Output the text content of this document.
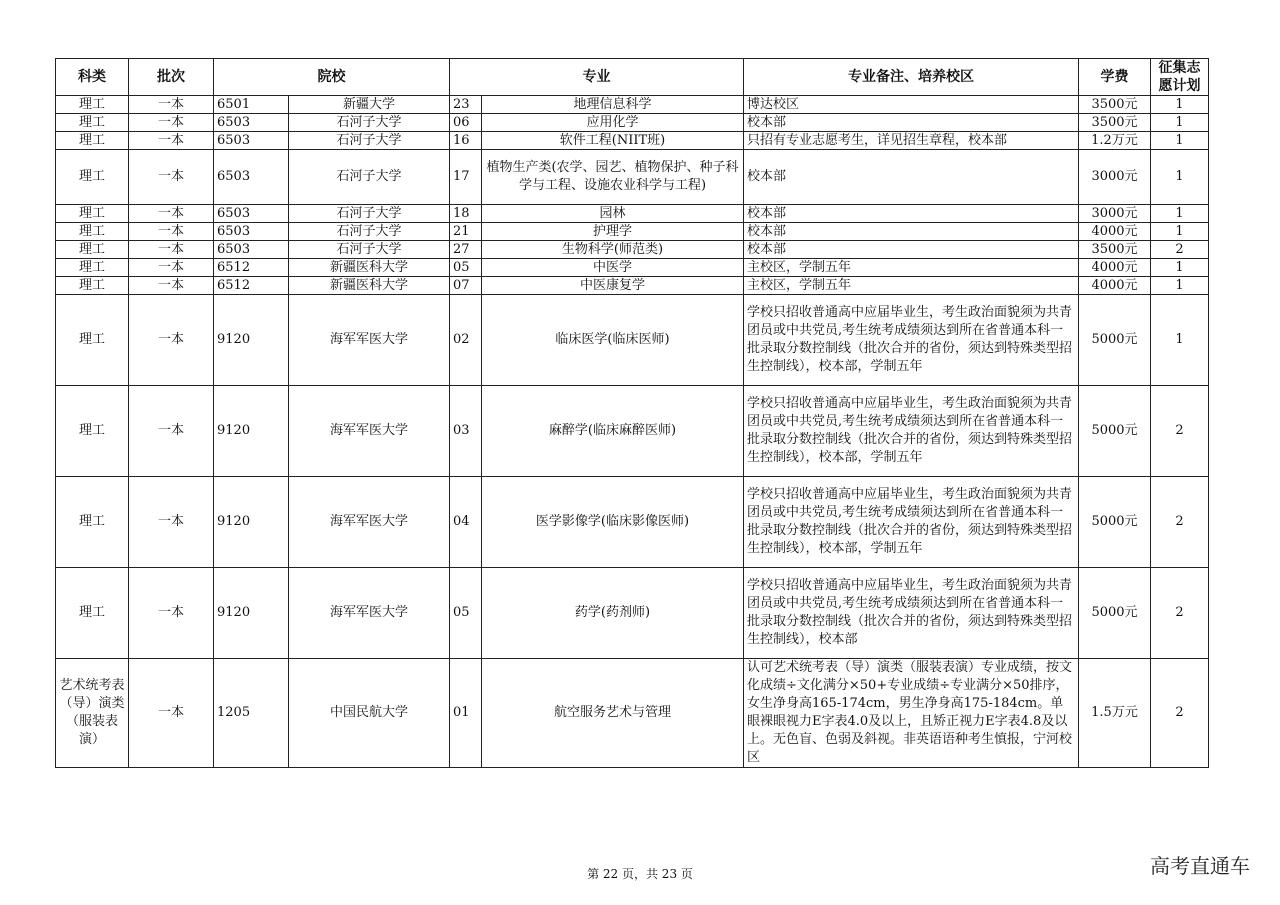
科类	批次	院校		专业		专业备注、培养校区	学费	征集志愿计划
理工	一本	6501	新疆大学	23	地理信息科学	博达校区	3500元	1
理工	一本	6503	石河子大学	06	应用化学	校本部	3500元	1
理工	一本	6503	石河子大学	16	软件工程(NIIT班)	只招有专业志愿考生，详见招生章程，校本部	1.2万元	1
理工	一本	6503	石河子大学	17	植物生产类(农学、园艺、植物保护、种子科学与工程、设施农业科学与工程)	校本部	3000元	1
理工	一本	6503	石河子大学	18	园林	校本部	3000元	1
理工	一本	6503	石河子大学	21	护理学	校本部	4000元	1
理工	一本	6503	石河子大学	27	生物科学(师范类)	校本部	3500元	2
理工	一本	6512	新疆医科大学	05	中医学	主校区，学制五年	4000元	1
理工	一本	6512	新疆医科大学	07	中医康复学	主校区，学制五年	4000元	1
理工	一本	9120	海军军医大学	02	临床医学(临床医师)	学校只招收普通高中应届毕业生，考生政治面貌须为共青团员或中共党员,考生统考成绩须达到所在省普通本科一批录取分数控制线（批次合并的省份，须达到特殊类型招生控制线），校本部，学制五年	5000元	1
理工	一本	9120	海军军医大学	03	麻醉学(临床麻醉医师)	学校只招收普通高中应届毕业生，考生政治面貌须为共青团员或中共党员,考生统考成绩须达到所在省普通本科一批录取分数控制线（批次合并的省份，须达到特殊类型招生控制线），校本部，学制五年	5000元	2
理工	一本	9120	海军军医大学	04	医学影像学(临床影像医师)	学校只招收普通高中应届毕业生，考生政治面貌须为共青团员或中共党员,考生统考成绩须达到所在省普通本科一批录取分数控制线（批次合并的省份，须达到特殊类型招生控制线），校本部，学制五年	5000元	2
理工	一本	9120	海军军医大学	05	药学(药剂师)	学校只招收普通高中应届毕业生，考生政治面貌须为共青团员或中共党员,考生统考成绩须达到所在省普通本科一批录取分数控制线（批次合并的省份，须达到特殊类型招生控制线），校本部	5000元	2
艺术统考表（导）演类（服装表演）	一本	1205	中国民航大学	01	航空服务艺术与管理	认可艺术统考表（导）演类（服装表演）专业成绩，按文化成绩÷文化满分×50+专业成绩÷专业满分×50排序，女生净身高165-174cm，男生净身高175-184cm。单眼裸眼视力E字表4.0及以上，且矫正视力E字表4.8及以上。无色盲、色弱及斜视。非英语语种考生慎报，宁河校区	1.5万元	2
第 22 页，共 23 页	高考直通车
